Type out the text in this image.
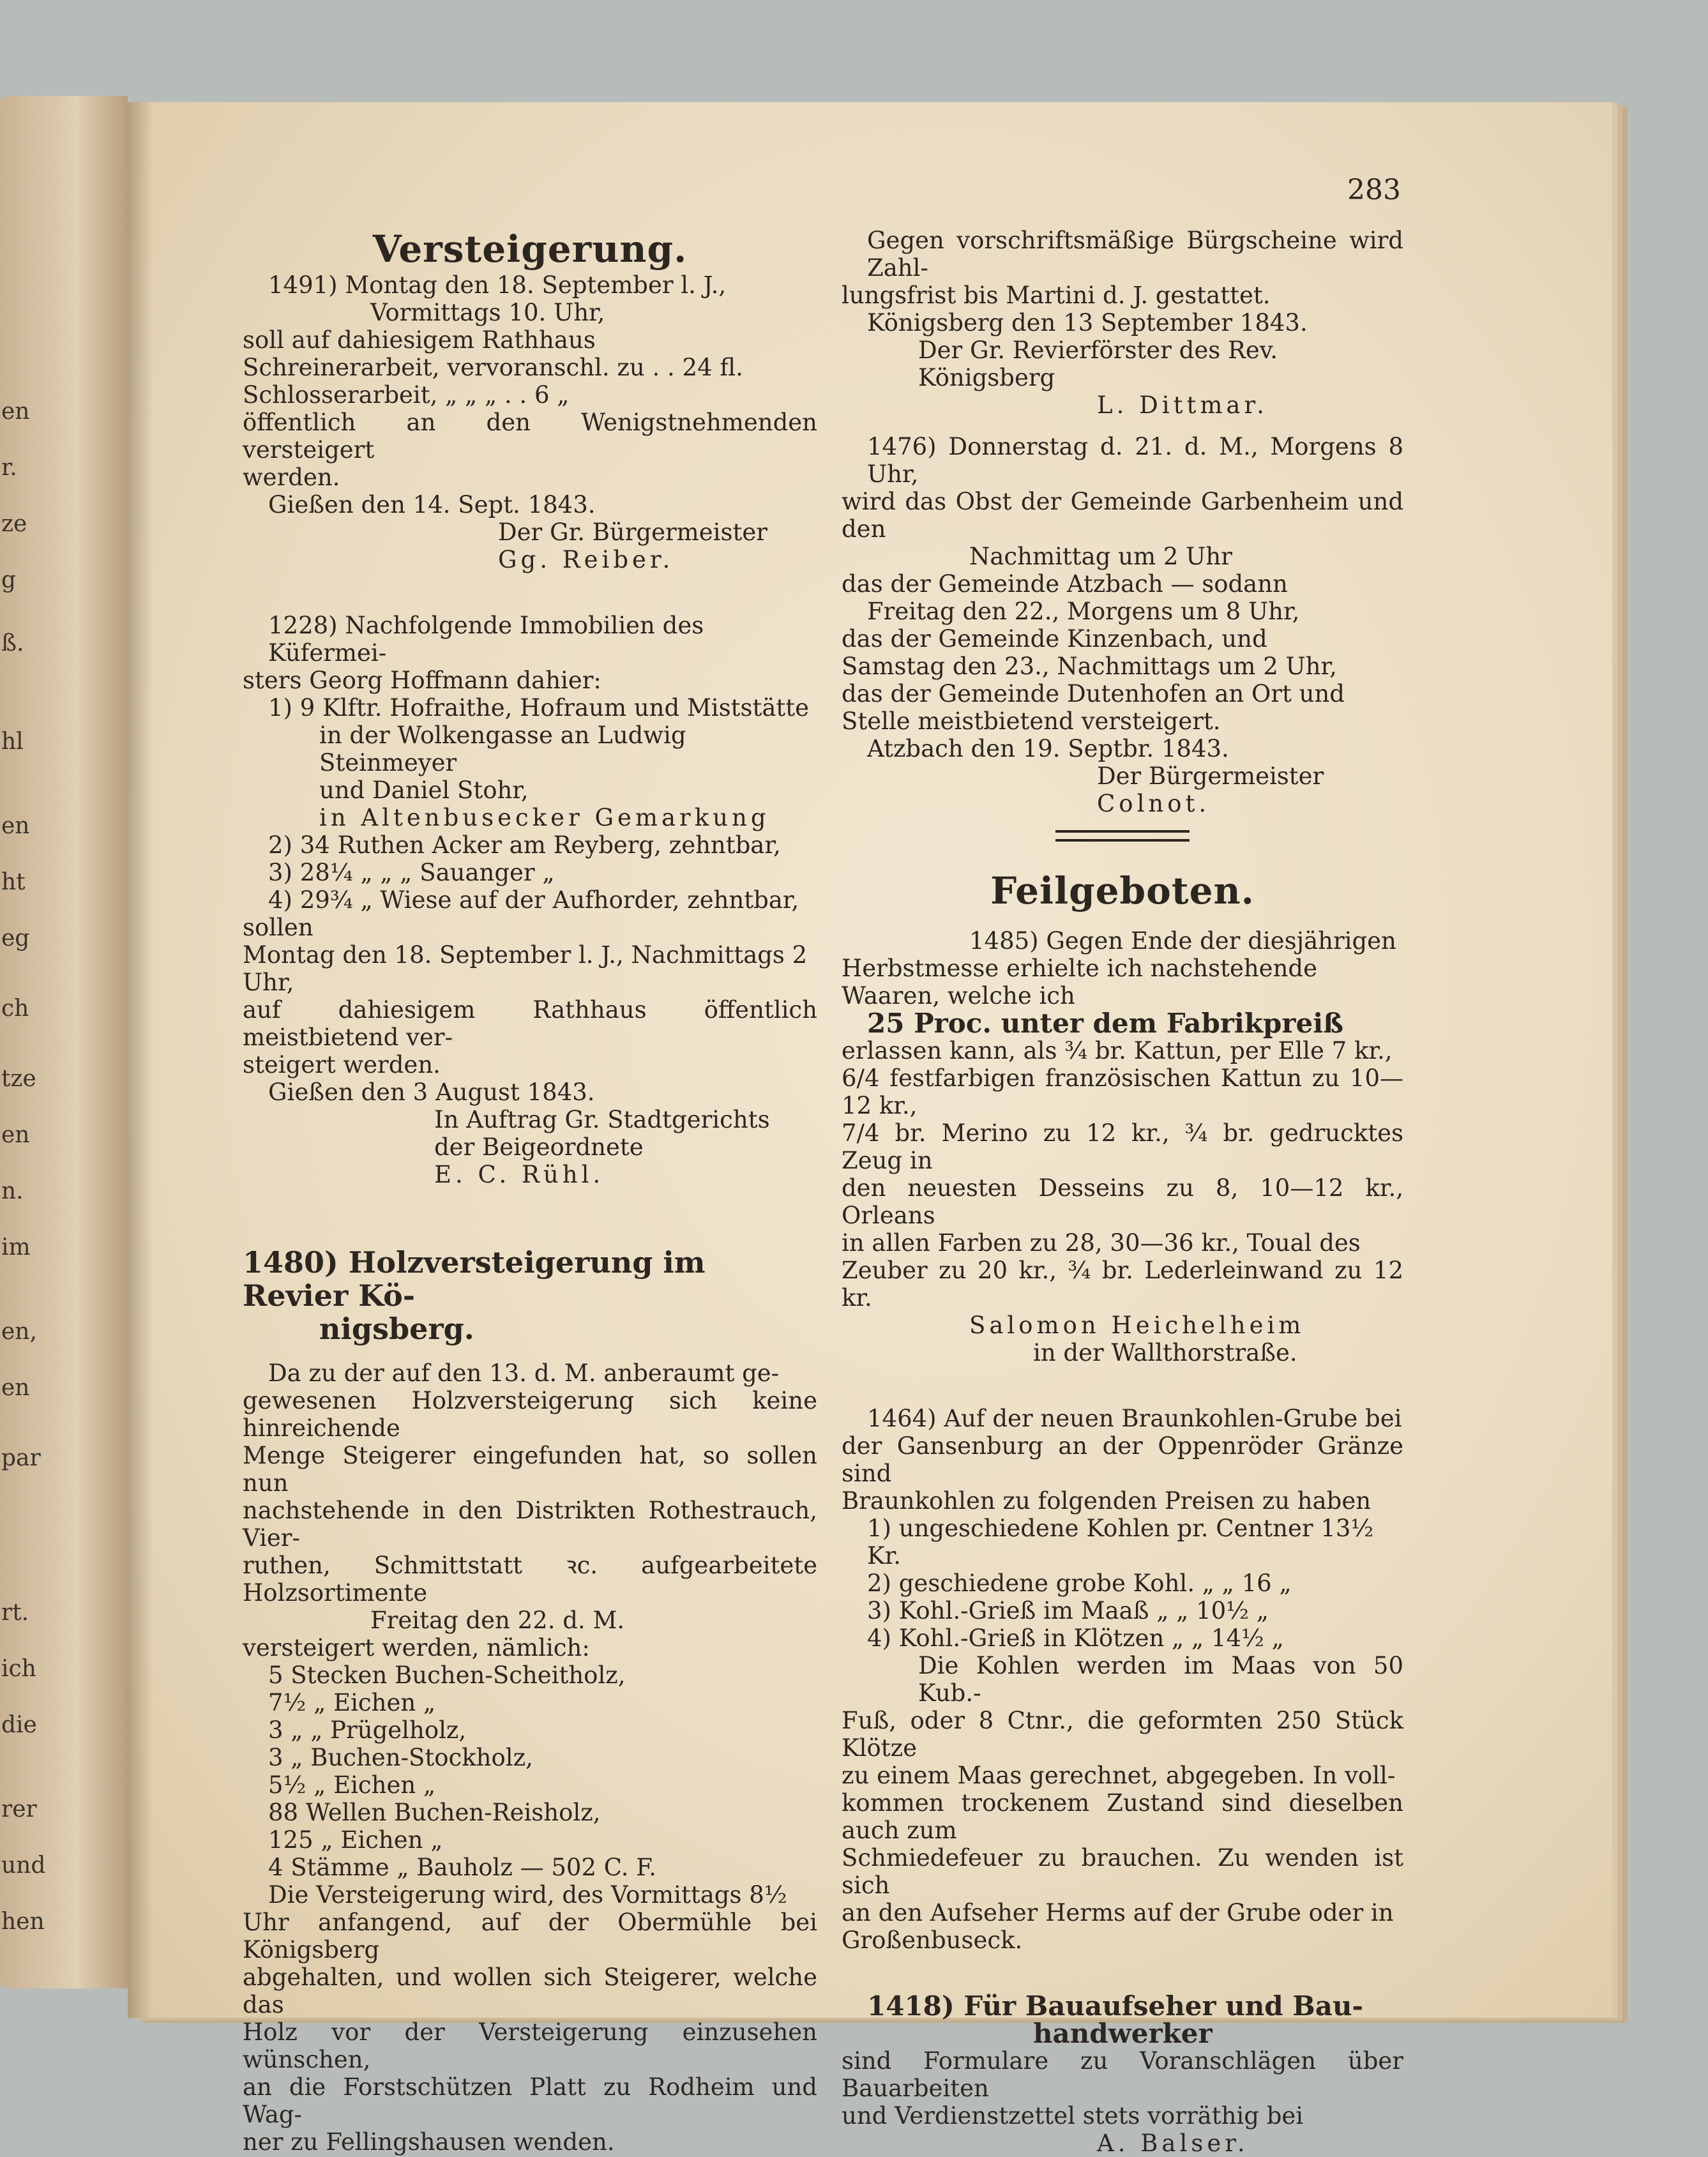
en
r.
ze
g
ß.
hl
en
ht
eg
ch
tze
en
n.
im
en,
en
par
rt.
ich
die
rer
und
hen
283

Versteigerung.

1491) Montag den 18. September l. J.,

Vormittags 10. Uhr,

soll auf dahiesigem Rathhaus

Schreinerarbeit, vervoranschl. zu . . 24 fl.

Schlosserarbeit, „ „ „ . . 6 „

öffentlich an den Wenigstnehmenden versteigert

werden.

Gießen den 14. Sept. 1843.

Der Gr. Bürgermeister

Gg. Reiber.

1228) Nachfolgende Immobilien des Küfermei-

sters Georg Hoffmann dahier:

1) 9 Klftr. Hofraithe, Hofraum und Miststätte

in der Wolkengasse an Ludwig Steinmeyer

und Daniel Stohr,

in Altenbusecker Gemarkung

2) 34 Ruthen Acker am Reyberg, zehntbar,

3) 28¼ „ „ „ Sauanger „

4) 29¾ „ Wiese auf der Aufhorder, zehntbar,

sollen

Montag den 18. September l. J., Nachmittags 2 Uhr,

auf dahiesigem Rathhaus öffentlich meistbietend ver-

steigert werden.

Gießen den 3 August 1843.

In Auftrag Gr. Stadtgerichts

der Beigeordnete

E. C. Rühl.

1480) Holzversteigerung im Revier Kö-

nigsberg.

Da zu der auf den 13. d. M. anberaumt ge-

gewesenen Holzversteigerung sich keine hinreichende

Menge Steigerer eingefunden hat, so sollen nun

nachstehende in den Distrikten Rothestrauch, Vier-

ruthen, Schmittstatt ꝛc. aufgearbeitete Holzsortimente

Freitag den 22. d. M.

versteigert werden, nämlich:

5 Stecken Buchen-Scheitholz,

7½ „ Eichen „

3 „ „ Prügelholz,

3 „ Buchen-Stockholz,

5½ „ Eichen „

88 Wellen Buchen-Reisholz,

125 „ Eichen „

4 Stämme „ Bauholz — 502 C. F.

Die Versteigerung wird, des Vormittags 8½

Uhr anfangend, auf der Obermühle bei Königsberg

abgehalten, und wollen sich Steigerer, welche das

Holz vor der Versteigerung einzusehen wünschen,

an die Forstschützen Platt zu Rodheim und Wag-

ner zu Fellingshausen wenden.

Gegen vorschriftsmäßige Bürgscheine wird Zahl-

lungsfrist bis Martini d. J. gestattet.

Königsberg den 13 September 1843.

Der Gr. Revierförster des Rev. Königsberg

L. Dittmar.

1476) Donnerstag d. 21. d. M., Morgens 8 Uhr,

wird das Obst der Gemeinde Garbenheim und den

Nachmittag um 2 Uhr

das der Gemeinde Atzbach — sodann

Freitag den 22., Morgens um 8 Uhr,

das der Gemeinde Kinzenbach, und

Samstag den 23., Nachmittags um 2 Uhr,

das der Gemeinde Dutenhofen an Ort und

Stelle meistbietend versteigert.

Atzbach den 19. Septbr. 1843.

Der Bürgermeister

Colnot.

Feilgeboten.

1485) Gegen Ende der diesjährigen

Herbstmesse erhielte ich nachstehende

Waaren, welche ich

25 Proc. unter dem Fabrikpreiß

erlassen kann, als ¾ br. Kattun, per Elle 7 kr.,

6/4 festfarbigen französischen Kattun zu 10—12 kr.,

7/4 br. Merino zu 12 kr., ¾ br. gedrucktes Zeug in

den neuesten Desseins zu 8, 10—12 kr., Orleans

in allen Farben zu 28, 30—36 kr., Toual des

Zeuber zu 20 kr., ¾ br. Lederleinwand zu 12 kr.

Salomon Heichelheim

in der Wallthorstraße.

1464) Auf der neuen Braunkohlen-Grube bei

der Gansenburg an der Oppenröder Gränze sind

Braunkohlen zu folgenden Preisen zu haben

1) ungeschiedene Kohlen pr. Centner 13½ Kr.

2) geschiedene grobe Kohl. „ „ 16 „

3) Kohl.-Grieß im Maaß „ „ 10½ „

4) Kohl.-Grieß in Klötzen „ „ 14½ „

Die Kohlen werden im Maas von 50 Kub.-

Fuß, oder 8 Ctnr., die geformten 250 Stück Klötze

zu einem Maas gerechnet, abgegeben. In voll-

kommen trockenem Zustand sind dieselben auch zum

Schmiedefeuer zu brauchen. Zu wenden ist sich

an den Aufseher Herms auf der Grube oder in

Großenbuseck.

1418) Für Bauaufseher und Bau-

handwerker

sind Formulare zu Voranschlägen über Bauarbeiten

und Verdienstzettel stets vorräthig bei

A. Balser.
